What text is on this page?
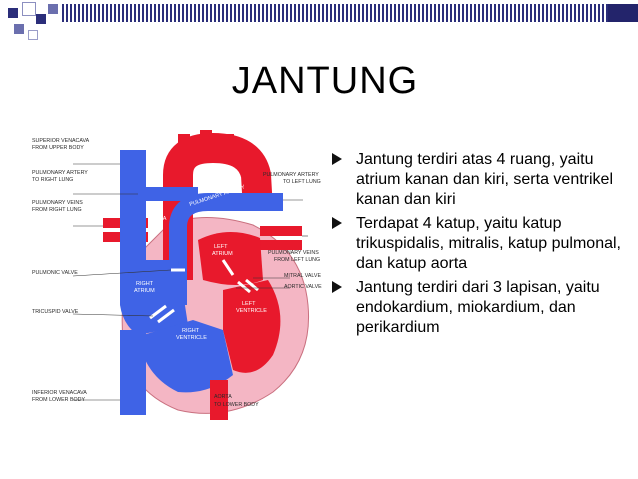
JANTUNG
SUPERIOR VENACAVA
FROM UPPER BODY
PULMONARY ARTERY
TO RIGHT LUNG
PULMONARY VEINS
FROM RIGHT LUNG
PULMONIC VALVE
TRICUSPID VALVE
INFERIOR VENACAVA
FROM LOWER BODY
PULMONARY ARTERY
TO LEFT LUNG
PULMONARY VEINS
FROM LEFT LUNG
MITRAL VALVE
AORTIC VALVE
AORTA
TO LOWER BODY
AORTA
PULMONARY ARTERY
LEFT
ATRIUM
RIGHT
ATRIUM
LEFT
VENTRICLE
RIGHT
VENTRICLE
Jantung terdiri atas 4 ruang, yaitu atrium kanan dan kiri, serta ventrikel kanan dan kiri
Terdapat 4 katup, yaitu katup trikuspidalis, mitralis, katup pulmonal, dan katup aorta
Jantung terdiri dari 3 lapisan, yaitu endokardium, miokardium, dan perikardium
